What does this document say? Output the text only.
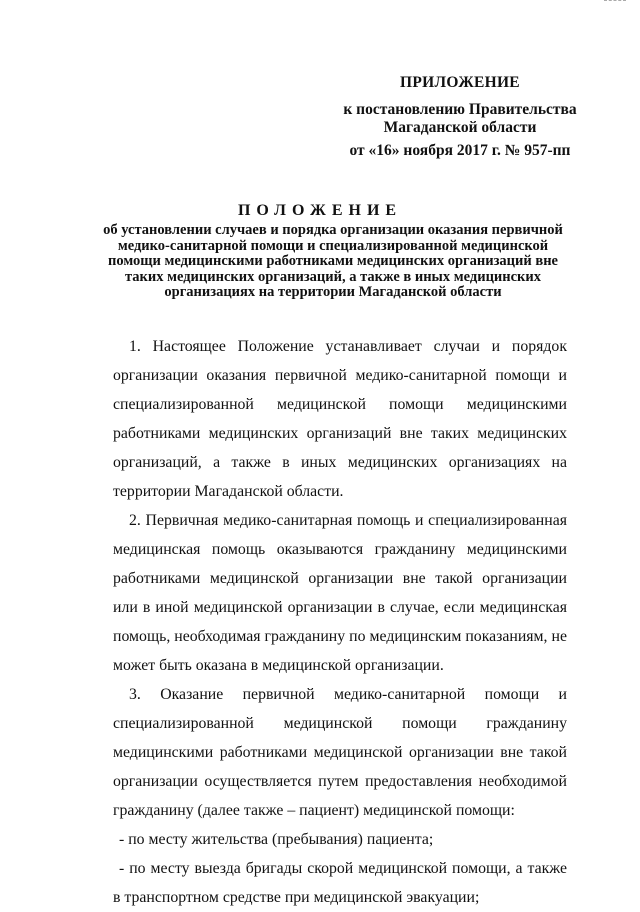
ПРИЛОЖЕНИЕ
к постановлению Правительства
Магаданской области
от «16» ноября 2017 г. № 957-пп
ПОЛОЖЕНИЕ
об установлении случаев и порядка организации оказания первичной медико-санитарной помощи и специализированной медицинской помощи медицинскими работниками медицинских организаций вне таких медицинских организаций, а также в иных медицинских организациях на территории Магаданской области

1. Настоящее Положение устанавливает случаи и порядок организации оказания первичной медико-санитарной помощи и специализированной медицинской помощи медицинскими работниками медицинских организаций вне таких медицинских организаций, а также в иных медицинских организациях на территории Магаданской области.

2. Первичная медико-санитарная помощь и специализированная медицинская помощь оказываются гражданину медицинскими работниками медицинской организации вне такой организации или в иной медицинской организации в случае, если медицинская помощь, необходимая гражданину по медицинским показаниям, не может быть оказана в медицинской организации.

3. Оказание первичной медико-санитарной помощи и специализированной медицинской помощи гражданину медицинскими работниками медицинской организации вне такой организации осуществляется путем предоставления необходимой гражданину (далее также – пациент) медицинской помощи:

- по месту жительства (пребывания) пациента;

- по месту выезда бригады скорой медицинской помощи, а также в транспортном средстве при медицинской эвакуации;
